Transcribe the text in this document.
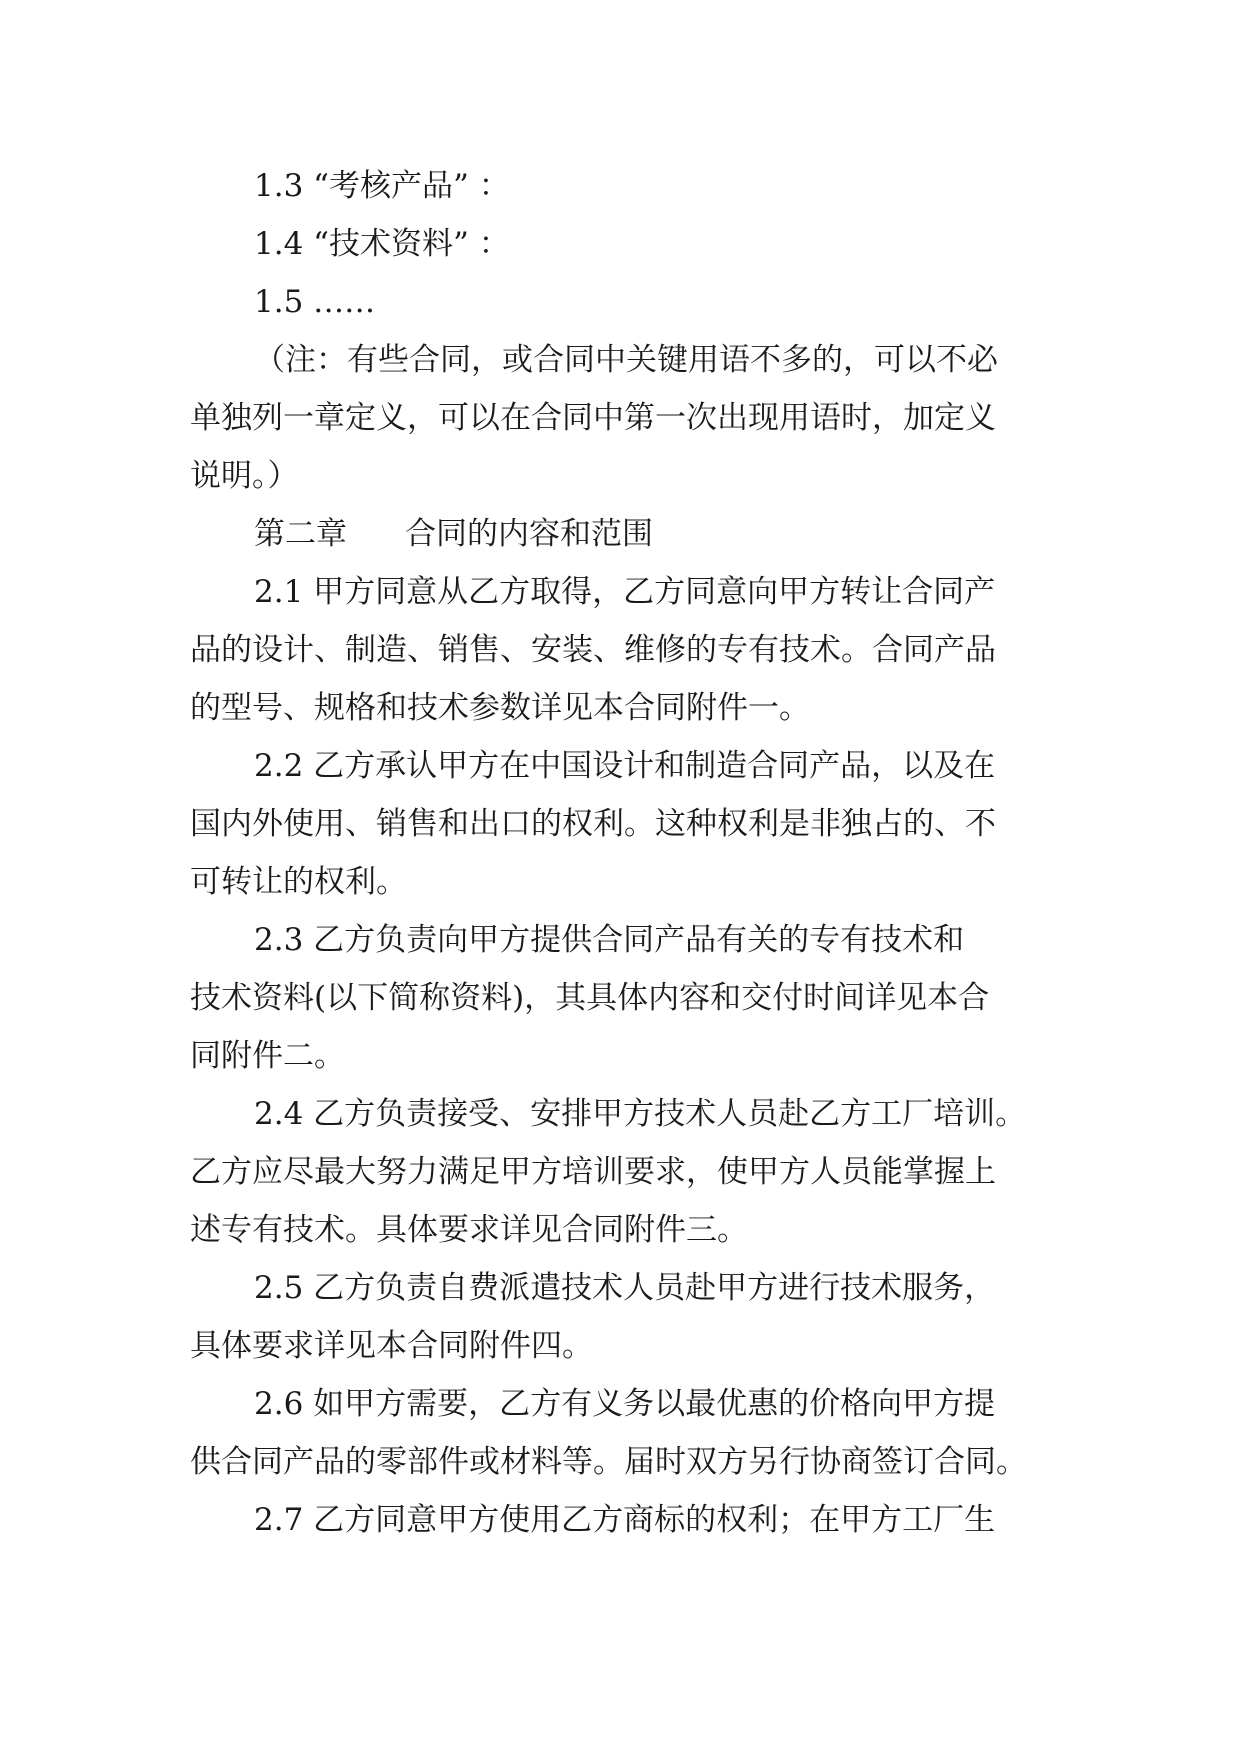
1.3 “考核产品” ：
1.4 “技术资料” ：
1.5 ……
（注：有些合同，或合同中关键用语不多的，可以不必
单独列一章定义，可以在合同中第一次出现用语时，加定义
说明。）
第二章 合同的内容和范围
2.1 甲方同意从乙方取得，乙方同意向甲方转让合同产
品的设计、制造、销售、安装、维修的专有技术。合同产品
的型号、规格和技术参数详见本合同附件一。
2.2 乙方承认甲方在中国设计和制造合同产品，以及在
国内外使用、销售和出口的权利。这种权利是非独占的、不
可转让的权利。
2.3 乙方负责向甲方提供合同产品有关的专有技术和
技术资料(以下简称资料)，其具体内容和交付时间详见本合
同附件二。
2.4 乙方负责接受、安排甲方技术人员赴乙方工厂培训。
乙方应尽最大努力满足甲方培训要求，使甲方人员能掌握上
述专有技术。具体要求详见合同附件三。
2.5 乙方负责自费派遣技术人员赴甲方进行技术服务，
具体要求详见本合同附件四。
2.6 如甲方需要，乙方有义务以最优惠的价格向甲方提
供合同产品的零部件或材料等。届时双方另行协商签订合同。
2.7 乙方同意甲方使用乙方商标的权利；在甲方工厂生
